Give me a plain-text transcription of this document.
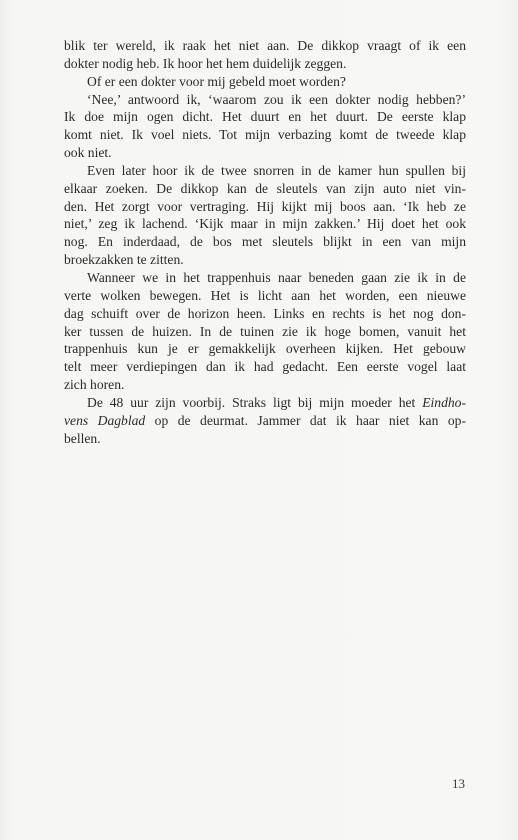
blik ter wereld, ik raak het niet aan. De dikkop vraagt of ik een
dokter nodig heb. Ik hoor het hem duidelijk zeggen.

Of er een dokter voor mij gebeld moet worden?

‘Nee,’ antwoord ik, ‘waarom zou ik een dokter nodig hebben?’
Ik doe mijn ogen dicht. Het duurt en het duurt. De eerste klap
komt niet. Ik voel niets. Tot mijn verbazing komt de tweede klap
ook niet.

Even later hoor ik de twee snorren in de kamer hun spullen bij
elkaar zoeken. De dikkop kan de sleutels van zijn auto niet vin-
den. Het zorgt voor vertraging. Hij kijkt mij boos aan. ‘Ik heb ze
niet,’ zeg ik lachend. ‘Kijk maar in mijn zakken.’ Hij doet het ook
nog. En inderdaad, de bos met sleutels blijkt in een van mijn
broekzakken te zitten.

Wanneer we in het trappenhuis naar beneden gaan zie ik in de
verte wolken bewegen. Het is licht aan het worden, een nieuwe
dag schuift over de horizon heen. Links en rechts is het nog don-
ker tussen de huizen. In de tuinen zie ik hoge bomen, vanuit het
trappenhuis kun je er gemakkelijk overheen kijken. Het gebouw
telt meer verdiepingen dan ik had gedacht. Een eerste vogel laat
zich horen.

De 48 uur zijn voorbij. Straks ligt bij mijn moeder het Eindho-
vens Dagblad op de deurmat. Jammer dat ik haar niet kan op-
bellen.

13
